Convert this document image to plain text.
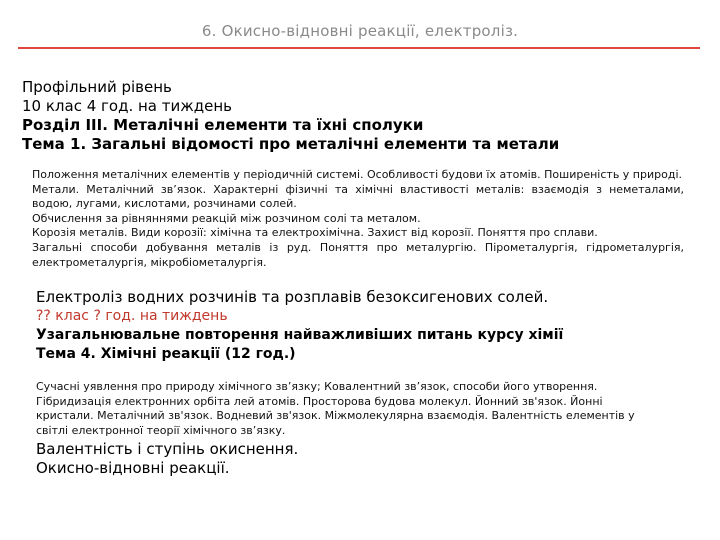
6. Окисно-відновні реакції, електроліз.
Профільний рівень
10 клас 4 год. на тиждень
Розділ ІІІ. Металічні елементи та їхні сполуки
Тема 1. Загальні відомості про металічні елементи та метали

Положення металічних елементів у періодичній системі. Особливості будови їх атомів. Поширеність у природі.

Метали. Металічний зв’язок. Характерні фізичні та хімічні властивості металів: взаємодія з неметалами, водою, лугами, кислотами, розчинами солей.

Обчислення за рівняннями реакцій між розчином солі та металом.

Корозія металів. Види корозії: хімічна та електрохімічна. Захист від корозії. Поняття про сплави.

Загальні способи добування металів із руд. Поняття про металургію. Пірометалургія, гідрометалургія, електрометалургія, мікробіометалургія.

Електроліз водних розчинів та розплавів безоксигенових солей.
?? клас ? год. на тиждень
Узагальнювальне повторення найважливіших питань курсу хімії
Тема 4. Хімічні реакції (12 год.)

Сучасні уявлення про природу хімічного зв’язку; Ковалентний зв’язок, способи його утворення. Гібридизація електронних орбіта лей атомів. Просторова будова молекул. Йонний зв'язок. Йонні кристали. Металічний зв'язок. Водневий зв'язок. Міжмолекулярна взаємодія. Валентність елементів у світлі електронної теорії хімічного зв’язку.

Валентність і ступінь окиснення.
Окисно-відновні реакції.
